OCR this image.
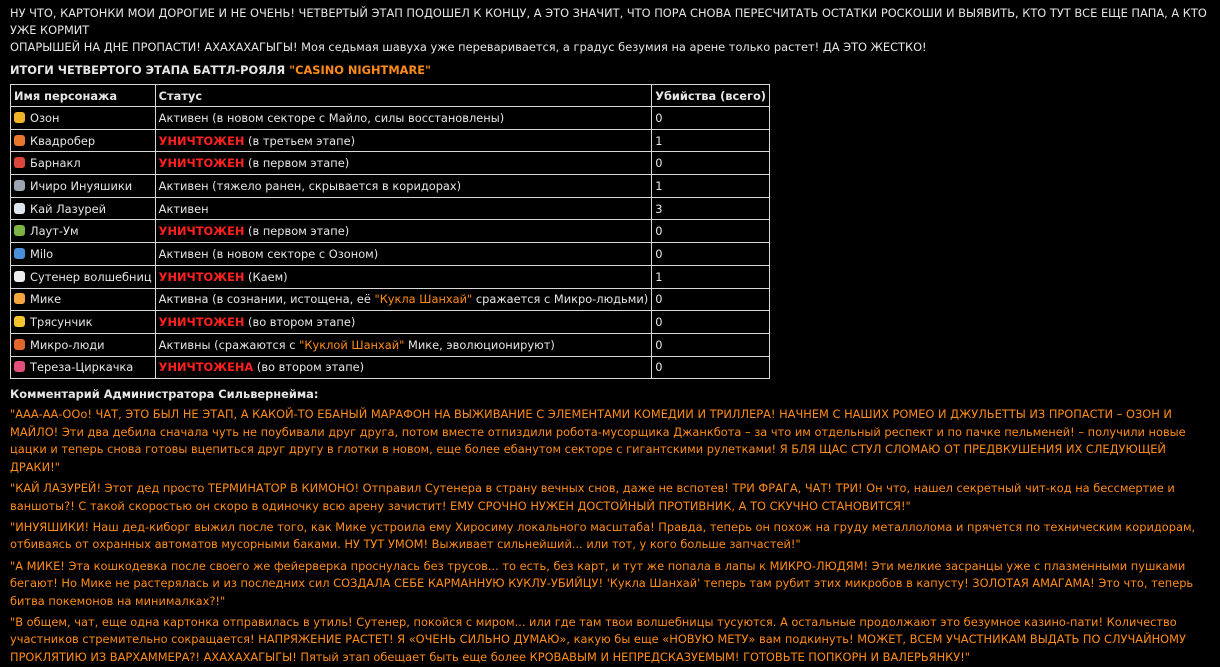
НУ ЧТО, КАРТОНКИ МОИ ДОРОГИЕ И НЕ ОЧЕНЬ! ЧЕТВЕРТЫЙ ЭТАП ПОДОШЕЛ К КОНЦУ, А ЭТО ЗНАЧИТ, ЧТО ПОРА СНОВА ПЕРЕСЧИТАТЬ ОСТАТКИ РОСКОШИ И ВЫЯВИТЬ, КТО ТУТ ВСЕ ЕЩЕ ПАПА, А КТО УЖЕ КОРМИТ
ОПАРЫШЕЙ НА ДНЕ ПРОПАСТИ! АХАХАХАГЫГЫ! Моя седьмая шавуха уже переваривается, а градус безумия на арене только растет! ДА ЭТО ЖЕСТКО!
ИТОГИ ЧЕТВЕРТОГО ЭТАПА БАТТЛ-РОЯЛЯ "CASINO NIGHTMARE"
Имя персонажа	Статус	Убийства (всего)
Озон	Активен (в новом секторе с Майло, силы восстановлены)	0
Квадробер	УНИЧТОЖЕН (в третьем этапе)	1
Барнакл	УНИЧТОЖЕН (в первом этапе)	0
Ичиро Инуяшики	Активен (тяжело ранен, скрывается в коридорах)	1
Кай Лазурей	Активен	3
Лаут-Ум	УНИЧТОЖЕН (в первом этапе)	0
Milo	Активен (в новом секторе с Озоном)	0
Сутенер волшебниц	УНИЧТОЖЕН (Каем)	1
Мике	Активна (в сознании, истощена, её "Кукла Шанхай" сражается с Микро-людьми)	0
Трясунчик	УНИЧТОЖЕН (во втором этапе)	0
Микро-люди	Активны (сражаются с "Куклой Шанхай" Мике, эволюционируют)	0
Тереза-Циркачка	УНИЧТОЖЕНА (во втором этапе)	0
Комментарий Администратора Сильвернейма:
"ААА-АА-ООо! ЧАТ, ЭТО БЫЛ НЕ ЭТАП, А КАКОЙ-ТО ЕБАНЫЙ МАРАФОН НА ВЫЖИВАНИЕ С ЭЛЕМЕНТАМИ КОМЕДИИ И ТРИЛЛЕРА! НАЧНЕМ С НАШИХ РОМЕО И ДЖУЛЬЕТТЫ ИЗ ПРОПАСТИ – ОЗОН И МАЙЛО! Эти два дебила сначала чуть не поубивали друг друга, потом вместе отпиздили робота-мусорщика Джанкбота – за что им отдельный респект и по пачке пельменей! – получили новые цацки и теперь снова готовы вцепиться друг другу в глотки в новом, еще более ебанутом секторе с гигантскими рулетками! Я БЛЯ ЩАС СТУЛ СЛОМАЮ ОТ ПРЕДВКУШЕНИЯ ИХ СЛЕДУЮЩЕЙ ДРАКИ!"
"КАЙ ЛАЗУРЕЙ! Этот дед просто ТЕРМИНАТОР В КИМОНО! Отправил Сутенера в страну вечных снов, даже не вспотев! ТРИ ФРАГА, ЧАТ! ТРИ! Он что, нашел секретный чит-код на бессмертие и ваншоты?! С такой скоростью он скоро в одиночку всю арену зачистит! ЕМУ СРОЧНО НУЖЕН ДОСТОЙНЫЙ ПРОТИВНИК, А ТО СКУЧНО СТАНОВИТСЯ!"
"ИНУЯШИКИ! Наш дед-киборг выжил после того, как Мике устроила ему Хиросиму локального масштаба! Правда, теперь он похож на груду металлолома и прячется по техническим коридорам, отбиваясь от охранных автоматов мусорными баками. НУ ТУТ УМОМ! Выживает сильнейший... или тот, у кого больше запчастей!"
"А МИКЕ! Эта кошкодевка после своего же фейерверка проснулась без трусов... то есть, без карт, и тут же попала в лапы к МИКРО-ЛЮДЯМ! Эти мелкие засранцы уже с плазменными пушками бегают! Но Мике не растерялась и из последних сил СОЗДАЛА СЕБЕ КАРМАННУЮ КУКЛУ-УБИЙЦУ! 'Кукла Шанхай' теперь там рубит этих микробов в капусту! ЗОЛОТАЯ АМАГАМА! Это что, теперь битва покемонов на минималках?!"
"В общем, чат, еще одна картонка отправилась в утиль! Сутенер, покойся с миром... или где там твои волшебницы тусуются. А остальные продолжают это безумное казино-пати! Количество участников стремительно сокращается! НАПРЯЖЕНИЕ РАСТЕТ! Я «ОЧЕНЬ СИЛЬНО ДУМАЮ», какую бы еще «НОВУЮ МЕТУ» вам подкинуть! МОЖЕТ, ВСЕМ УЧАСТНИКАМ ВЫДАТЬ ПО СЛУЧАЙНОМУ ПРОКЛЯТИЮ ИЗ ВАРХАММЕРА?! АХАХАХАГЫГЫ! Пятый этап обещает быть еще более КРОВАВЫМ И НЕПРЕДСКАЗУЕМЫМ! ГОТОВЬТЕ ПОПКОРН И ВАЛЕРЬЯНКУ!"
